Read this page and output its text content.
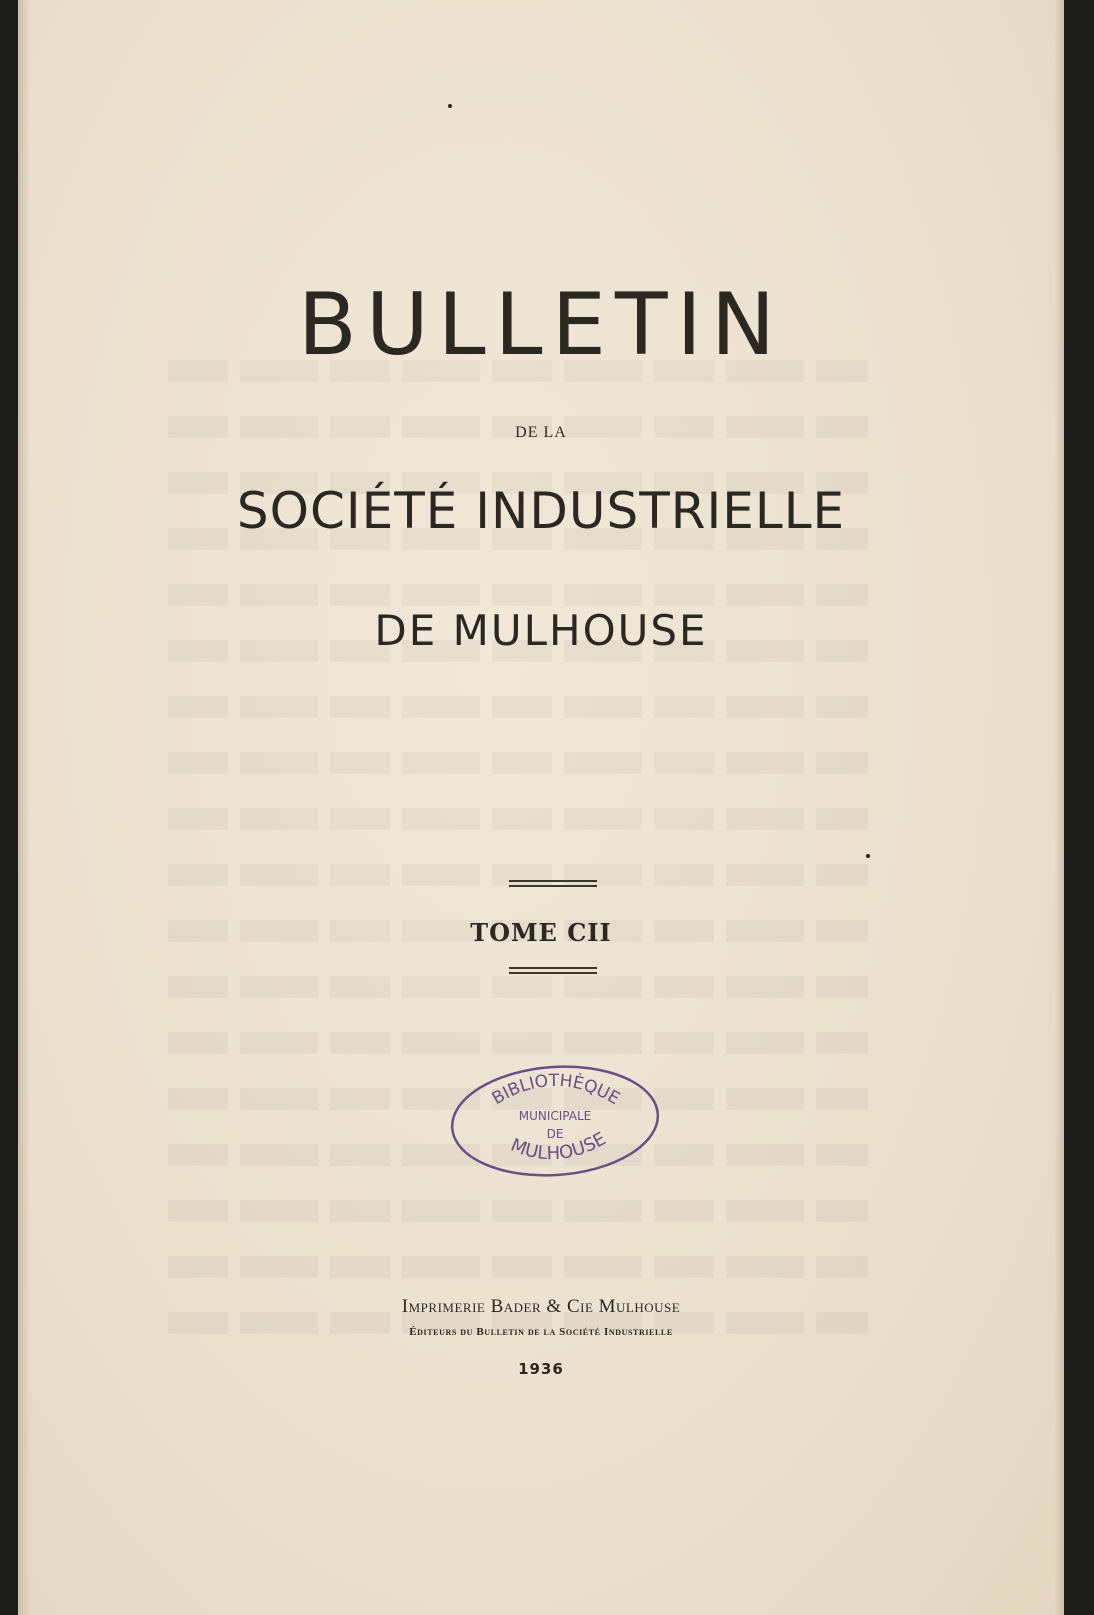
BULLETIN
DE LA
SOCIÉTÉ INDUSTRIELLE
DE MULHOUSE
TOME CII
BIBLIOTHÈQUE
MUNICIPALE
DE
MULHOUSE
Imprimerie Bader & Cie Mulhouse
Éditeurs du Bulletin de la Société Industrielle
1936
